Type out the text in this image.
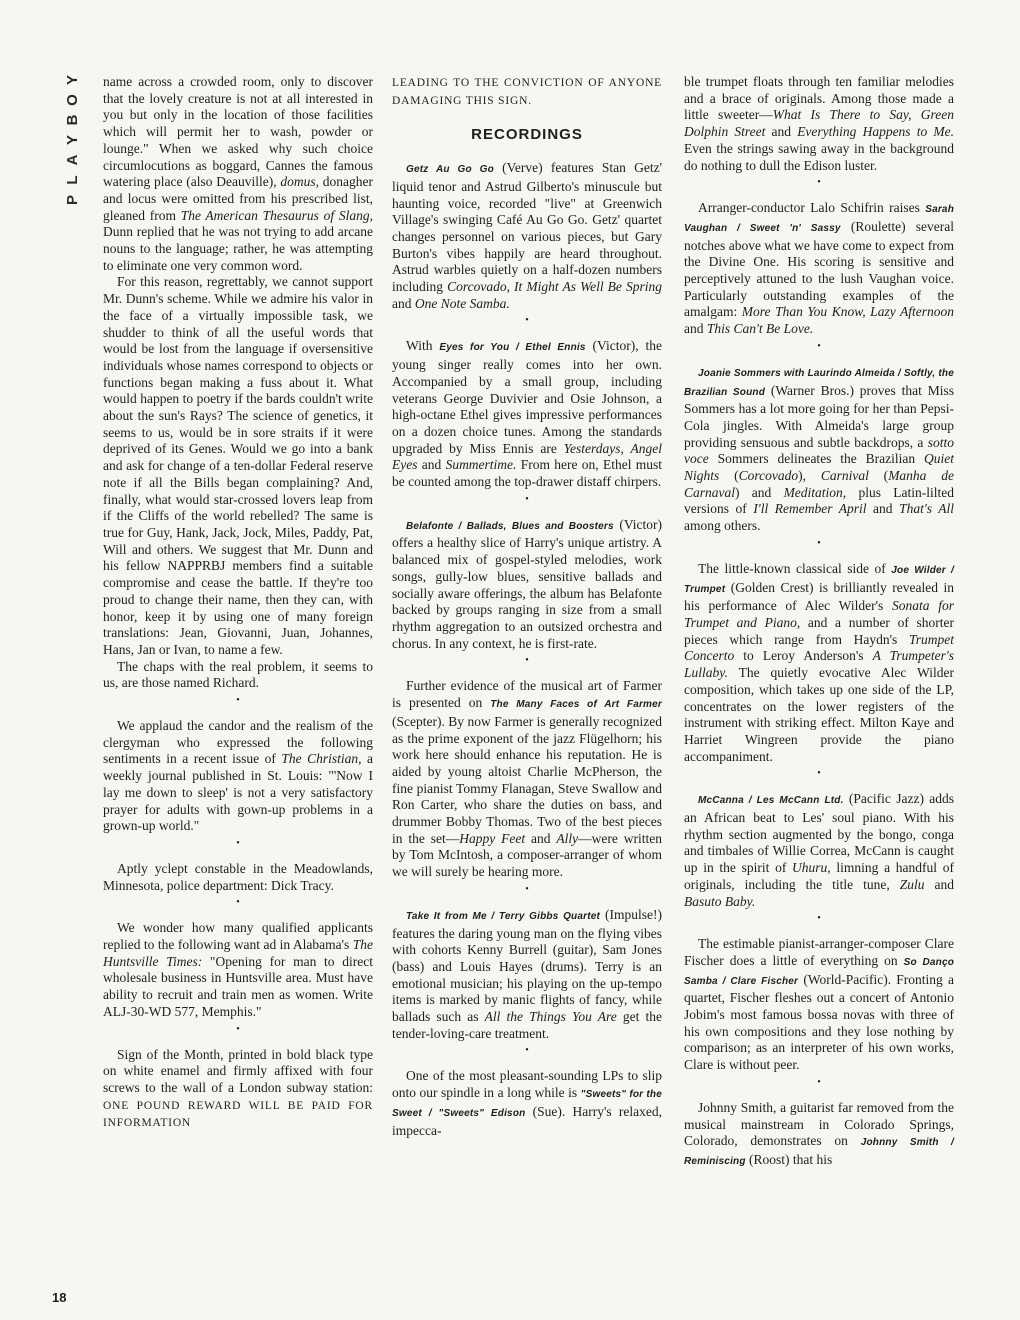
Y
O
B
Y
A
L
P
18

name across a crowded room, only to discover that the lovely creature is not at all interested in you but only in the location of those facilities which will permit her to wash, powder or lounge." When we asked why such choice circumlocutions as boggard, Cannes the famous watering place (also Deauville), domus, donagher and locus were omitted from his prescribed list, gleaned from The American Thesaurus of Slang, Dunn replied that he was not trying to add arcane nouns to the language; rather, he was attempting to eliminate one very common word.

For this reason, regrettably, we cannot support Mr. Dunn's scheme. While we admire his valor in the face of a virtually impossible task, we shudder to think of all the useful words that would be lost from the language if oversensitive individuals whose names correspond to objects or functions began making a fuss about it. What would happen to poetry if the bards couldn't write about the sun's Rays? The science of genetics, it seems to us, would be in sore straits if it were deprived of its Genes. Would we go into a bank and ask for change of a ten-dollar Federal reserve note if all the Bills began complaining? And, finally, what would star-crossed lovers leap from if the Cliffs of the world rebelled? The same is true for Guy, Hank, Jack, Jock, Miles, Paddy, Pat, Will and others. We suggest that Mr. Dunn and his fellow NAPPRBJ members find a suitable compromise and cease the battle. If they're too proud to change their name, then they can, with honor, keep it by using one of many foreign translations: Jean, Giovanni, Juan, Johannes, Hans, Jan or Ivan, to name a few.

The chaps with the real problem, it seems to us, are those named Richard.

•

We applaud the candor and the realism of the clergyman who expressed the following sentiments in a recent issue of The Christian, a weekly journal published in St. Louis: "'Now I lay me down to sleep' is not a very satisfactory prayer for adults with gown-up problems in a grown-up world."

•

Aptly yclept constable in the Meadowlands, Minnesota, police department: Dick Tracy.

•

We wonder how many qualified applicants replied to the following want ad in Alabama's The Huntsville Times: "Opening for man to direct wholesale business in Huntsville area. Must have ability to recruit and train men as women. Write ALJ-30-WD 577, Memphis."

•

Sign of the Month, printed in bold black type on white enamel and firmly affixed with four screws to the wall of a London subway station: ONE POUND REWARD WILL BE PAID FOR INFORMATION

LEADING TO THE CONVICTION OF ANYONE DAMAGING THIS SIGN.

RECORDINGS

Getz Au Go Go (Verve) features Stan Getz' liquid tenor and Astrud Gilberto's minuscule but haunting voice, recorded "live" at Greenwich Village's swinging Café Au Go Go. Getz' quartet changes personnel on various pieces, but Gary Burton's vibes happily are heard throughout. Astrud warbles quietly on a half-dozen numbers including Corcovado, It Might As Well Be Spring and One Note Samba.

•

With Eyes for You / Ethel Ennis (Victor), the young singer really comes into her own. Accompanied by a small group, including veterans George Duvivier and Osie Johnson, a high-octane Ethel gives impressive performances on a dozen choice tunes. Among the standards upgraded by Miss Ennis are Yesterdays, Angel Eyes and Summertime. From here on, Ethel must be counted among the top-drawer distaff chirpers.

•

Belafonte / Ballads, Blues and Boosters (Victor) offers a healthy slice of Harry's unique artistry. A balanced mix of gospel-styled melodies, work songs, gully-low blues, sensitive ballads and socially aware offerings, the album has Belafonte backed by groups ranging in size from a small rhythm aggregation to an outsized orchestra and chorus. In any context, he is first-rate.

•

Further evidence of the musical art of Farmer is presented on The Many Faces of Art Farmer (Scepter). By now Farmer is generally recognized as the prime exponent of the jazz Flügelhorn; his work here should enhance his reputation. He is aided by young altoist Charlie McPherson, the fine pianist Tommy Flanagan, Steve Swallow and Ron Carter, who share the duties on bass, and drummer Bobby Thomas. Two of the best pieces in the set—Happy Feet and Ally—were written by Tom McIntosh, a composer-arranger of whom we will surely be hearing more.

•

Take It from Me / Terry Gibbs Quartet (Impulse!) features the daring young man on the flying vibes with cohorts Kenny Burrell (guitar), Sam Jones (bass) and Louis Hayes (drums). Terry is an emotional musician; his playing on the up-tempo items is marked by manic flights of fancy, while ballads such as All the Things You Are get the tender-loving-care treatment.

•

One of the most pleasant-sounding LPs to slip onto our spindle in a long while is "Sweets" for the Sweet / "Sweets" Edison (Sue). Harry's relaxed, impecca-

ble trumpet floats through ten familiar melodies and a brace of originals. Among those made a little sweeter—What Is There to Say, Green Dolphin Street and Everything Happens to Me. Even the strings sawing away in the background do nothing to dull the Edison luster.

•

Arranger-conductor Lalo Schifrin raises Sarah Vaughan / Sweet 'n' Sassy (Roulette) several notches above what we have come to expect from the Divine One. His scoring is sensitive and perceptively attuned to the lush Vaughan voice. Particularly outstanding examples of the amalgam: More Than You Know, Lazy Afternoon and This Can't Be Love.

•

Joanie Sommers with Laurindo Almeida / Softly, the Brazilian Sound (Warner Bros.) proves that Miss Sommers has a lot more going for her than Pepsi-Cola jingles. With Almeida's large group providing sensuous and subtle backdrops, a sotto voce Sommers delineates the Brazilian Quiet Nights (Corcovado), Carnival (Manha de Carnaval) and Meditation, plus Latin-lilted versions of I'll Remember April and That's All among others.

•

The little-known classical side of Joe Wilder / Trumpet (Golden Crest) is brilliantly revealed in his performance of Alec Wilder's Sonata for Trumpet and Piano, and a number of shorter pieces which range from Haydn's Trumpet Concerto to Leroy Anderson's A Trumpeter's Lullaby. The quietly evocative Alec Wilder composition, which takes up one side of the LP, concentrates on the lower registers of the instrument with striking effect. Milton Kaye and Harriet Wingreen provide the piano accompaniment.

•

McCanna / Les McCann Ltd. (Pacific Jazz) adds an African beat to Les' soul piano. With his rhythm section augmented by the bongo, conga and timbales of Willie Correa, McCann is caught up in the spirit of Uhuru, limning a handful of originals, including the title tune, Zulu and Basuto Baby.

•

The estimable pianist-arranger-composer Clare Fischer does a little of everything on So Danço Samba / Clare Fischer (World-Pacific). Fronting a quartet, Fischer fleshes out a concert of Antonio Jobim's most famous bossa novas with three of his own compositions and they lose nothing by comparison; as an interpreter of his own works, Clare is without peer.

•

Johnny Smith, a guitarist far removed from the musical mainstream in Colorado Springs, Colorado, demonstrates on Johnny Smith / Reminiscing (Roost) that his
